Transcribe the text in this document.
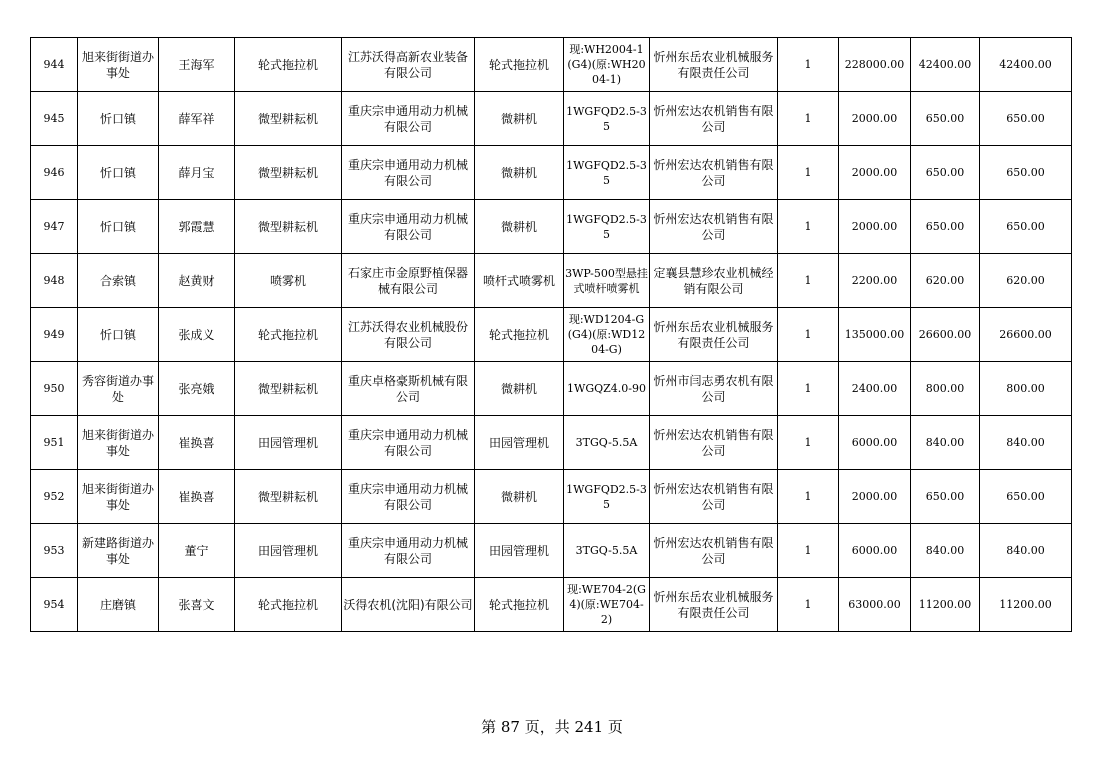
944	旭来街街道办事处	王海军	轮式拖拉机	江苏沃得高新农业装备有限公司	轮式拖拉机	现:WH2004-1(G4)(原:WH2004-1)	忻州东岳农业机械服务有限责任公司	1	228000.00	42400.00	42400.00
945	忻口镇	薛军祥	微型耕耘机	重庆宗申通用动力机械有限公司	微耕机	1WGFQD2.5-35	忻州宏达农机销售有限公司	1	2000.00	650.00	650.00
946	忻口镇	薛月宝	微型耕耘机	重庆宗申通用动力机械有限公司	微耕机	1WGFQD2.5-35	忻州宏达农机销售有限公司	1	2000.00	650.00	650.00
947	忻口镇	郭霞慧	微型耕耘机	重庆宗申通用动力机械有限公司	微耕机	1WGFQD2.5-35	忻州宏达农机销售有限公司	1	2000.00	650.00	650.00
948	合索镇	赵黄财	喷雾机	石家庄市金原野植保器械有限公司	喷杆式喷雾机	3WP-500型悬挂式喷杆喷雾机	定襄县慧珍农业机械经销有限公司	1	2200.00	620.00	620.00
949	忻口镇	张成义	轮式拖拉机	江苏沃得农业机械股份有限公司	轮式拖拉机	现:WD1204-G(G4)(原:WD1204-G)	忻州东岳农业机械服务有限责任公司	1	135000.00	26600.00	26600.00
950	秀容街道办事处	张亮娥	微型耕耘机	重庆卓格豪斯机械有限公司	微耕机	1WGQZ4.0-90	忻州市闫志勇农机有限公司	1	2400.00	800.00	800.00
951	旭来街街道办事处	崔换喜	田园管理机	重庆宗申通用动力机械有限公司	田园管理机	3TGQ-5.5A	忻州宏达农机销售有限公司	1	6000.00	840.00	840.00
952	旭来街街道办事处	崔换喜	微型耕耘机	重庆宗申通用动力机械有限公司	微耕机	1WGFQD2.5-35	忻州宏达农机销售有限公司	1	2000.00	650.00	650.00
953	新建路街道办事处	董宁	田园管理机	重庆宗申通用动力机械有限公司	田园管理机	3TGQ-5.5A	忻州宏达农机销售有限公司	1	6000.00	840.00	840.00
954	庄磨镇	张喜文	轮式拖拉机	沃得农机(沈阳)有限公司	轮式拖拉机	现:WE704-2(G4)(原:WE704-2)	忻州东岳农业机械服务有限责任公司	1	63000.00	11200.00	11200.00
第 87 页，共 241 页
